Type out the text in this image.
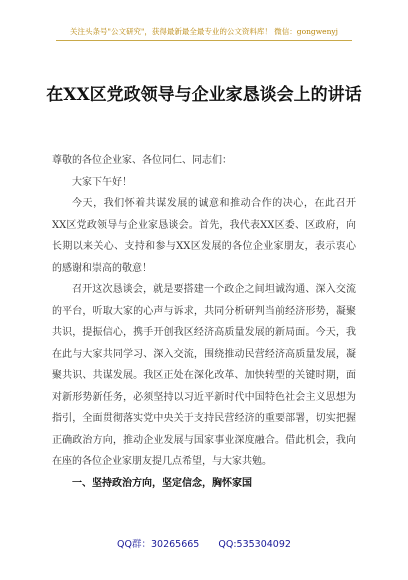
关注头条号"公文研究"，获得最新最全最专业的公文资料库！ 微信：gongwenyj
在XX区党政领导与企业家恳谈会上的讲话

尊敬的各位企业家、各位同仁、同志们：

大家下午好！

今天，我们怀着共谋发展的诚意和推动合作的决心，在此召开XX区党政领导与企业家恳谈会。首先，我代表XX区委、区政府，向长期以来关心、支持和参与XX区发展的各位企业家朋友，表示衷心的感谢和崇高的敬意！

召开这次恳谈会，就是要搭建一个政企之间坦诚沟通、深入交流的平台，听取大家的心声与诉求，共同分析研判当前经济形势，凝聚共识，提振信心，携手开创我区经济高质量发展的新局面。今天，我在此与大家共同学习、深入交流，围绕推动民营经济高质量发展，凝聚共识、共谋发展。我区正处在深化改革、加快转型的关键时期，面对新形势新任务，必须坚持以习近平新时代中国特色社会主义思想为指引，全面贯彻落实党中央关于支持民营经济的重要部署，切实把握正确政治方向，推动企业发展与国家事业深度融合。借此机会，我向在座的各位企业家朋友提几点希望，与大家共勉。

一、坚持政治方向，坚定信念，胸怀家国

QQ群：30265665 QQ:535304092
